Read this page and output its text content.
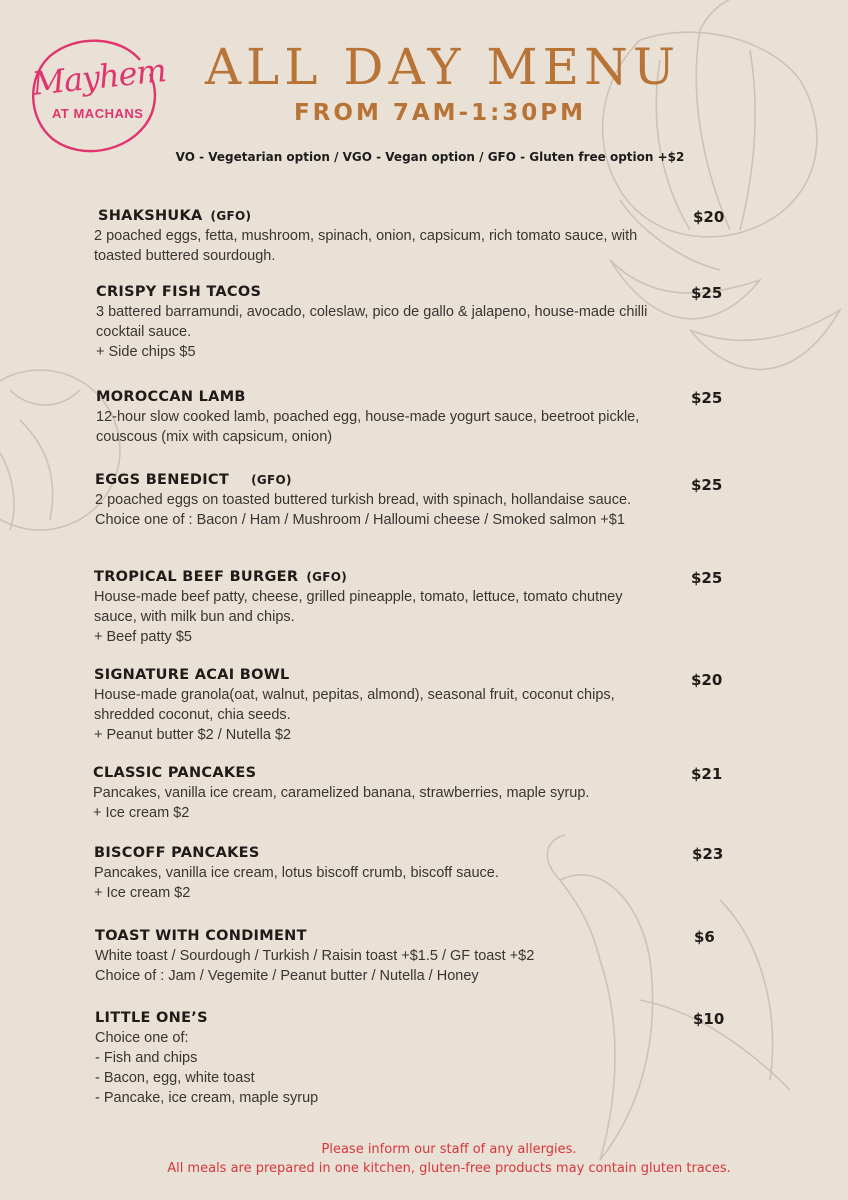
Mayhem
AT MACHANS
ALL DAY MENU
FROM 7AM-1:30PM
VO - Vegetarian option / VGO - Vegan option / GFO - Gluten free option +$2
SHAKSHUKA (GFO)	$20
2 poached eggs, fetta, mushroom, spinach, onion, capsicum, rich tomato sauce, with toasted buttered sourdough.
CRISPY FISH TACOS	$25
3 battered barramundi, avocado, coleslaw, pico de gallo & jalapeno, house-made chilli cocktail sauce.
+ Side chips $5
MOROCCAN LAMB	$25
12-hour slow cooked lamb, poached egg, house-made yogurt sauce, beetroot pickle, couscous (mix with capsicum, onion)
EGGS BENEDICT (GFO)	$25
2 poached eggs on toasted buttered turkish bread, with spinach, hollandaise sauce.
Choice one of : Bacon / Ham / Mushroom / Halloumi cheese / Smoked salmon +$1
TROPICAL BEEF BURGER (GFO)	$25
House-made beef patty, cheese, grilled pineapple, tomato, lettuce, tomato chutney sauce, with milk bun and chips.
+ Beef patty $5
SIGNATURE ACAI BOWL	$20
House-made granola(oat, walnut, pepitas, almond), seasonal fruit, coconut chips, shredded coconut, chia seeds.
+ Peanut butter $2 / Nutella $2
CLASSIC PANCAKES	$21
Pancakes, vanilla ice cream, caramelized banana, strawberries, maple syrup.
+ Ice cream $2
BISCOFF PANCAKES	$23
Pancakes, vanilla ice cream, lotus biscoff crumb, biscoff sauce.
+ Ice cream $2
TOAST WITH CONDIMENT	$6
White toast / Sourdough / Turkish / Raisin toast +$1.5 / GF toast +$2
Choice of : Jam / Vegemite / Peanut butter / Nutella / Honey
LITTLE ONE’S	$10
Choice one of:
- Fish and chips
- Bacon, egg, white toast
- Pancake, ice cream, maple syrup
Please inform our staff of any allergies.
All meals are prepared in one kitchen, gluten-free products may contain gluten traces.
